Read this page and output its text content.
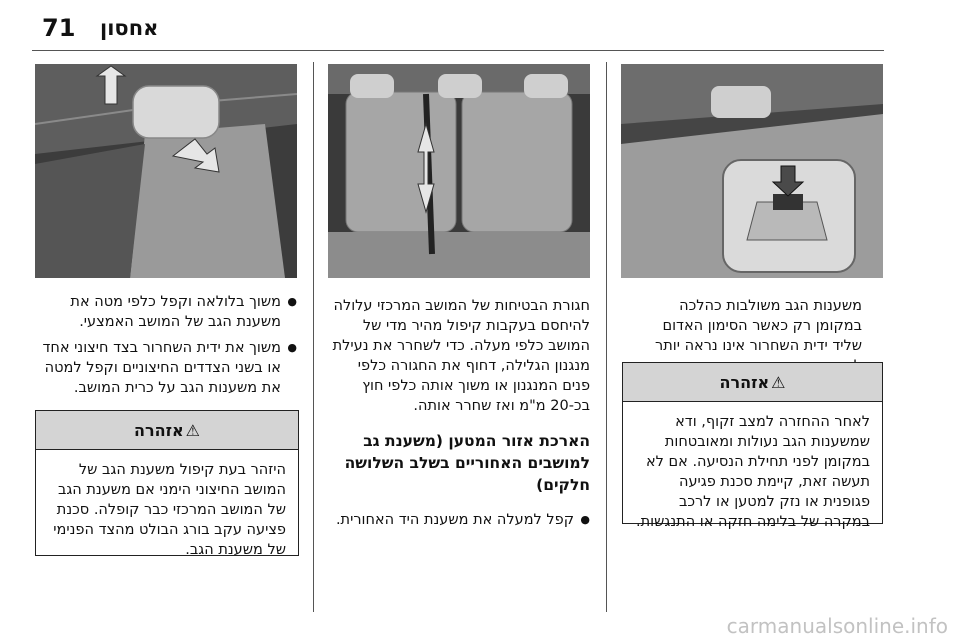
71 אחסון
משענות הגב משולבות כהלכה במקומן רק כאשר הסימון האדום שליד ידית השחרור אינו נראה יותר
⚠
אזהרה
לאחר ההחזרה למצב זקוף, ודא שמשענות הגב נעולות ומאובטחות במקומן לפני תחילת הנסיעה. אם לא תעשה זאת, קיימת סכנת פגיעה פגופנית או נזק למטען או לרכב במקרה של בלימה חזקה או התנגשות.
חגורת הבטיחות של המושב המרכזי עלולה להיחסם בעקבות קיפול מהיר מדי של המושב כלפי מעלה. כדי לשחרר את נעילת מנגנון הגלילה, דחוף את החגורה כלפי פנים המנגנון או משוך אותה כלפי חוץ בכ-20 מ"מ ואז שחרר אותה.
הארכת אזור המטען (משענת גב למושבים האחוריים בשלב השלושה חלקים)
● קפל למעלה את משענת היד האחורית.
● משוך בלולאה וקפל כלפי מטה את משענת הגב של המושב האמצעי.
● משוך את ידית השחרור בצד חיצוני אחד או בשני הצדדים החיצוניים וקפל למטה את משענות הגב על כרית המושב.
⚠
אזהרה
היזהר בעת קיפול משענת הגב של המושב החיצוני הימני אם משענת הגב של המושב המרכזי כבר קופלה. סכנת פציעה עקב בורג הבולט מהצד הפנימי של משענת הגב.
carmanualsonline.info
